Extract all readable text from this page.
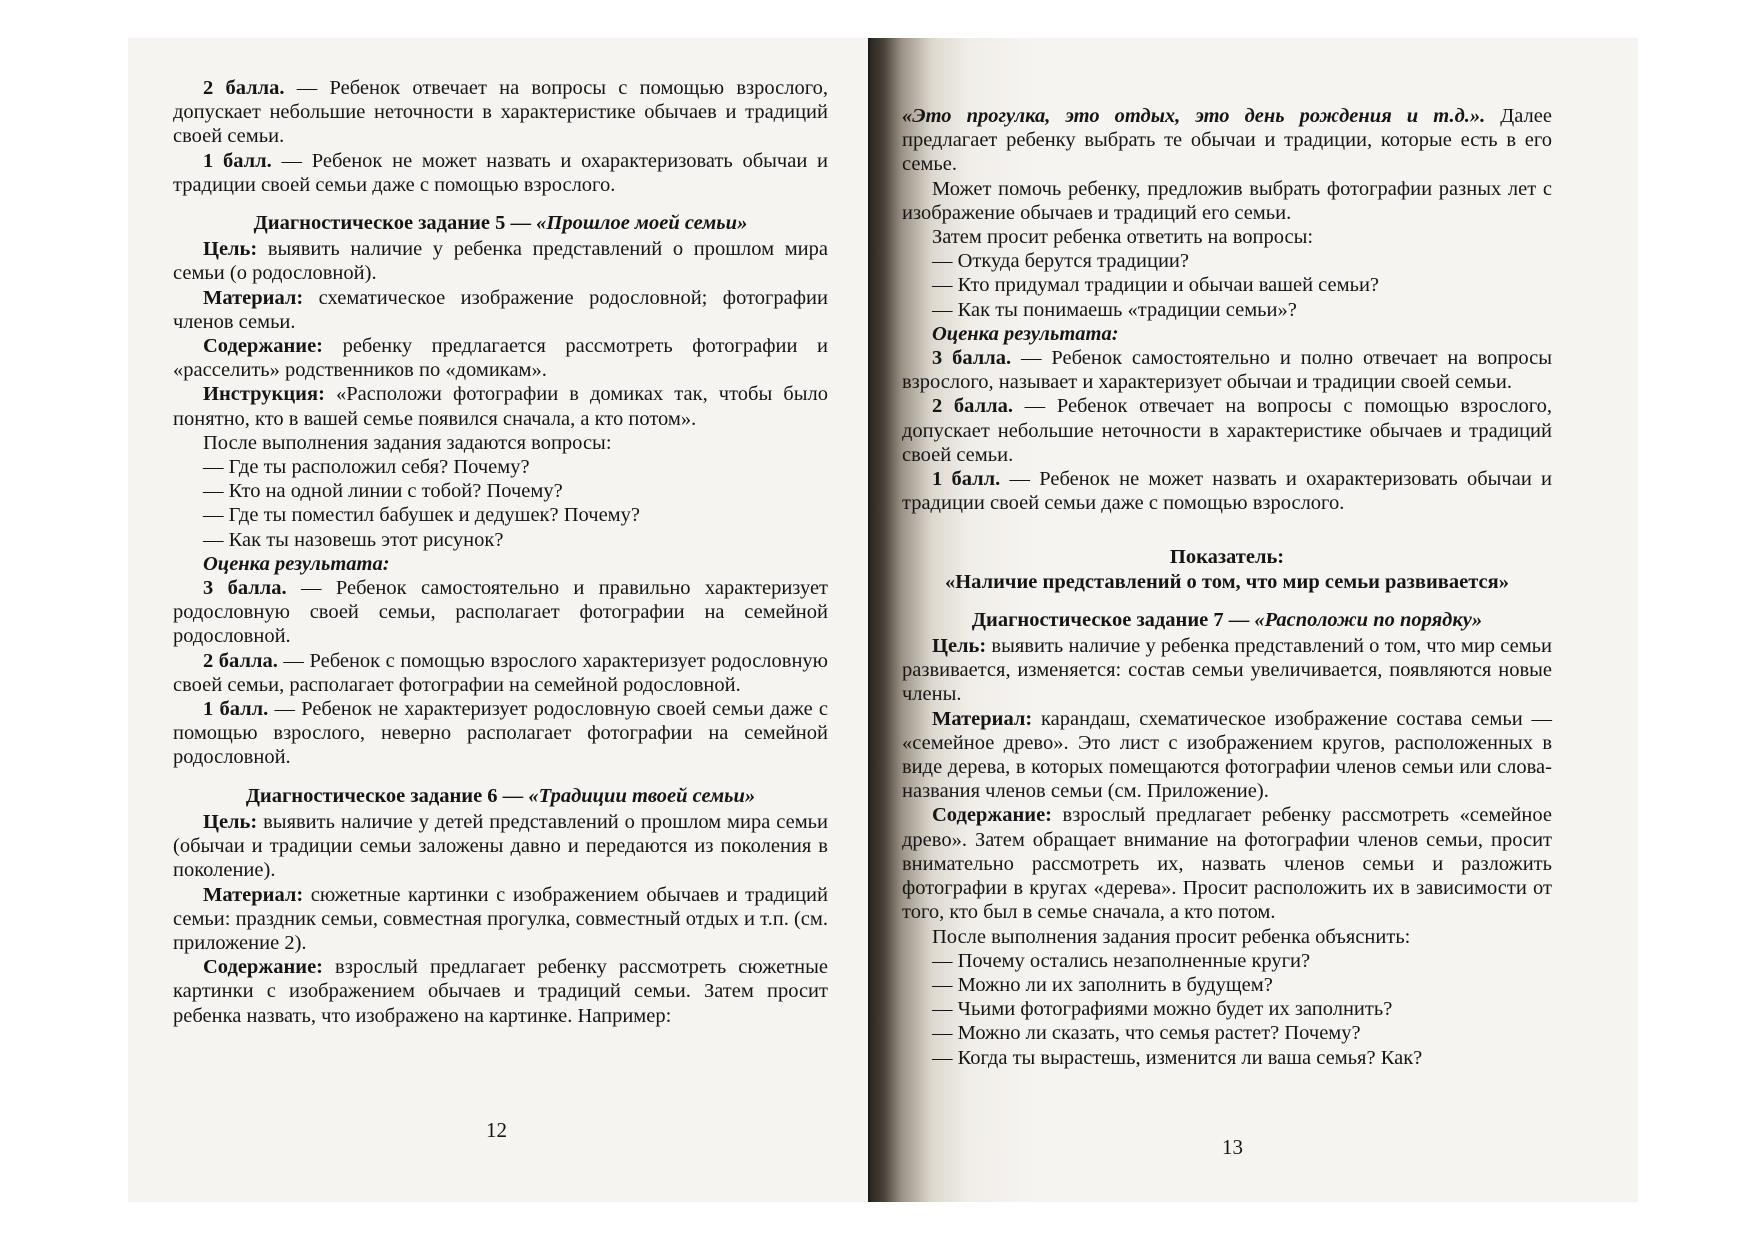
2 балла. — Ребенок отвечает на вопросы с помощью взрослого, допускает небольшие неточности в характеристике обычаев и традиций своей семьи.

1 балл. — Ребенок не может назвать и охарактеризовать обычаи и традиции своей семьи даже с помощью взрослого.

Диагностическое задание 5 — «Прошлое моей семьи»

Цель: выявить наличие у ребенка представлений о прошлом мира семьи (о родословной).

Материал: схематическое изображение родословной; фотографии членов семьи.

Содержание: ребенку предлагается рассмотреть фотографии и «расселить» родственников по «домикам».

Инструкция: «Расположи фотографии в домиках так, чтобы было понятно, кто в вашей семье появился сначала, а кто потом».

После выполнения задания задаются вопросы:

— Где ты расположил себя? Почему?

— Кто на одной линии с тобой? Почему?

— Где ты поместил бабушек и дедушек? Почему?

— Как ты назовешь этот рисунок?

Оценка результата:

3 балла. — Ребенок самостоятельно и правильно характеризует родословную своей семьи, располагает фотографии на семейной родословной.

2 балла. — Ребенок с помощью взрослого характеризует родословную своей семьи, располагает фотографии на семейной родословной.

1 балл. — Ребенок не характеризует родословную своей семьи даже с помощью взрослого, неверно располагает фотографии на семейной родословной.

Диагностическое задание 6 — «Традиции твоей семьи»

Цель: выявить наличие у детей представлений о прошлом мира семьи (обычаи и традиции семьи заложены давно и передаются из поколения в поколение).

Материал: сюжетные картинки с изображением обычаев и традиций семьи: праздник семьи, совместная прогулка, совместный отдых и т.п. (см. приложение 2).

Содержание: взрослый предлагает ребенку рассмотреть сюжетные картинки с изображением обычаев и традиций семьи. Затем просит ребенка назвать, что изображено на картинке. Например:

12

«Это прогулка, это отдых, это день рождения и т.д.». Далее предлагает ребенку выбрать те обычаи и традиции, которые есть в его семье.

Может помочь ребенку, предложив выбрать фотографии разных лет с изображение обычаев и традиций его семьи.

Затем просит ребенка ответить на вопросы:

— Откуда берутся традиции?

— Кто придумал традиции и обычаи вашей семьи?

— Как ты понимаешь «традиции семьи»?

Оценка результата:

3 балла. — Ребенок самостоятельно и полно отвечает на вопросы взрослого, называет и характеризует обычаи и традиции своей семьи.

2 балла. — Ребенок отвечает на вопросы с помощью взрослого, допускает небольшие неточности в характеристике обычаев и традиций своей семьи.

1 балл. — Ребенок не может назвать и охарактеризовать обычаи и традиции своей семьи даже с помощью взрослого.

Показатель:

«Наличие представлений о том, что мир семьи развивается»

Диагностическое задание 7 — «Расположи по порядку»

Цель: выявить наличие у ребенка представлений о том, что мир семьи развивается, изменяется: состав семьи увеличивается, появляются новые члены.

Материал: карандаш, схематическое изображение состава семьи — «семейное древо». Это лист с изображением кругов, расположенных в виде дерева, в которых помещаются фотографии членов семьи или слова-названия членов семьи (см. Приложение).

Содержание: взрослый предлагает ребенку рассмотреть «семейное древо». Затем обращает внимание на фотографии членов семьи, просит внимательно рассмотреть их, назвать членов семьи и разложить фотографии в кругах «дерева». Просит расположить их в зависимости от того, кто был в семье сначала, а кто потом.

После выполнения задания просит ребенка объяснить:

— Почему остались незаполненные круги?

— Можно ли их заполнить в будущем?

— Чьими фотографиями можно будет их заполнить?

— Можно ли сказать, что семья растет? Почему?

— Когда ты вырастешь, изменится ли ваша семья? Как?

13
